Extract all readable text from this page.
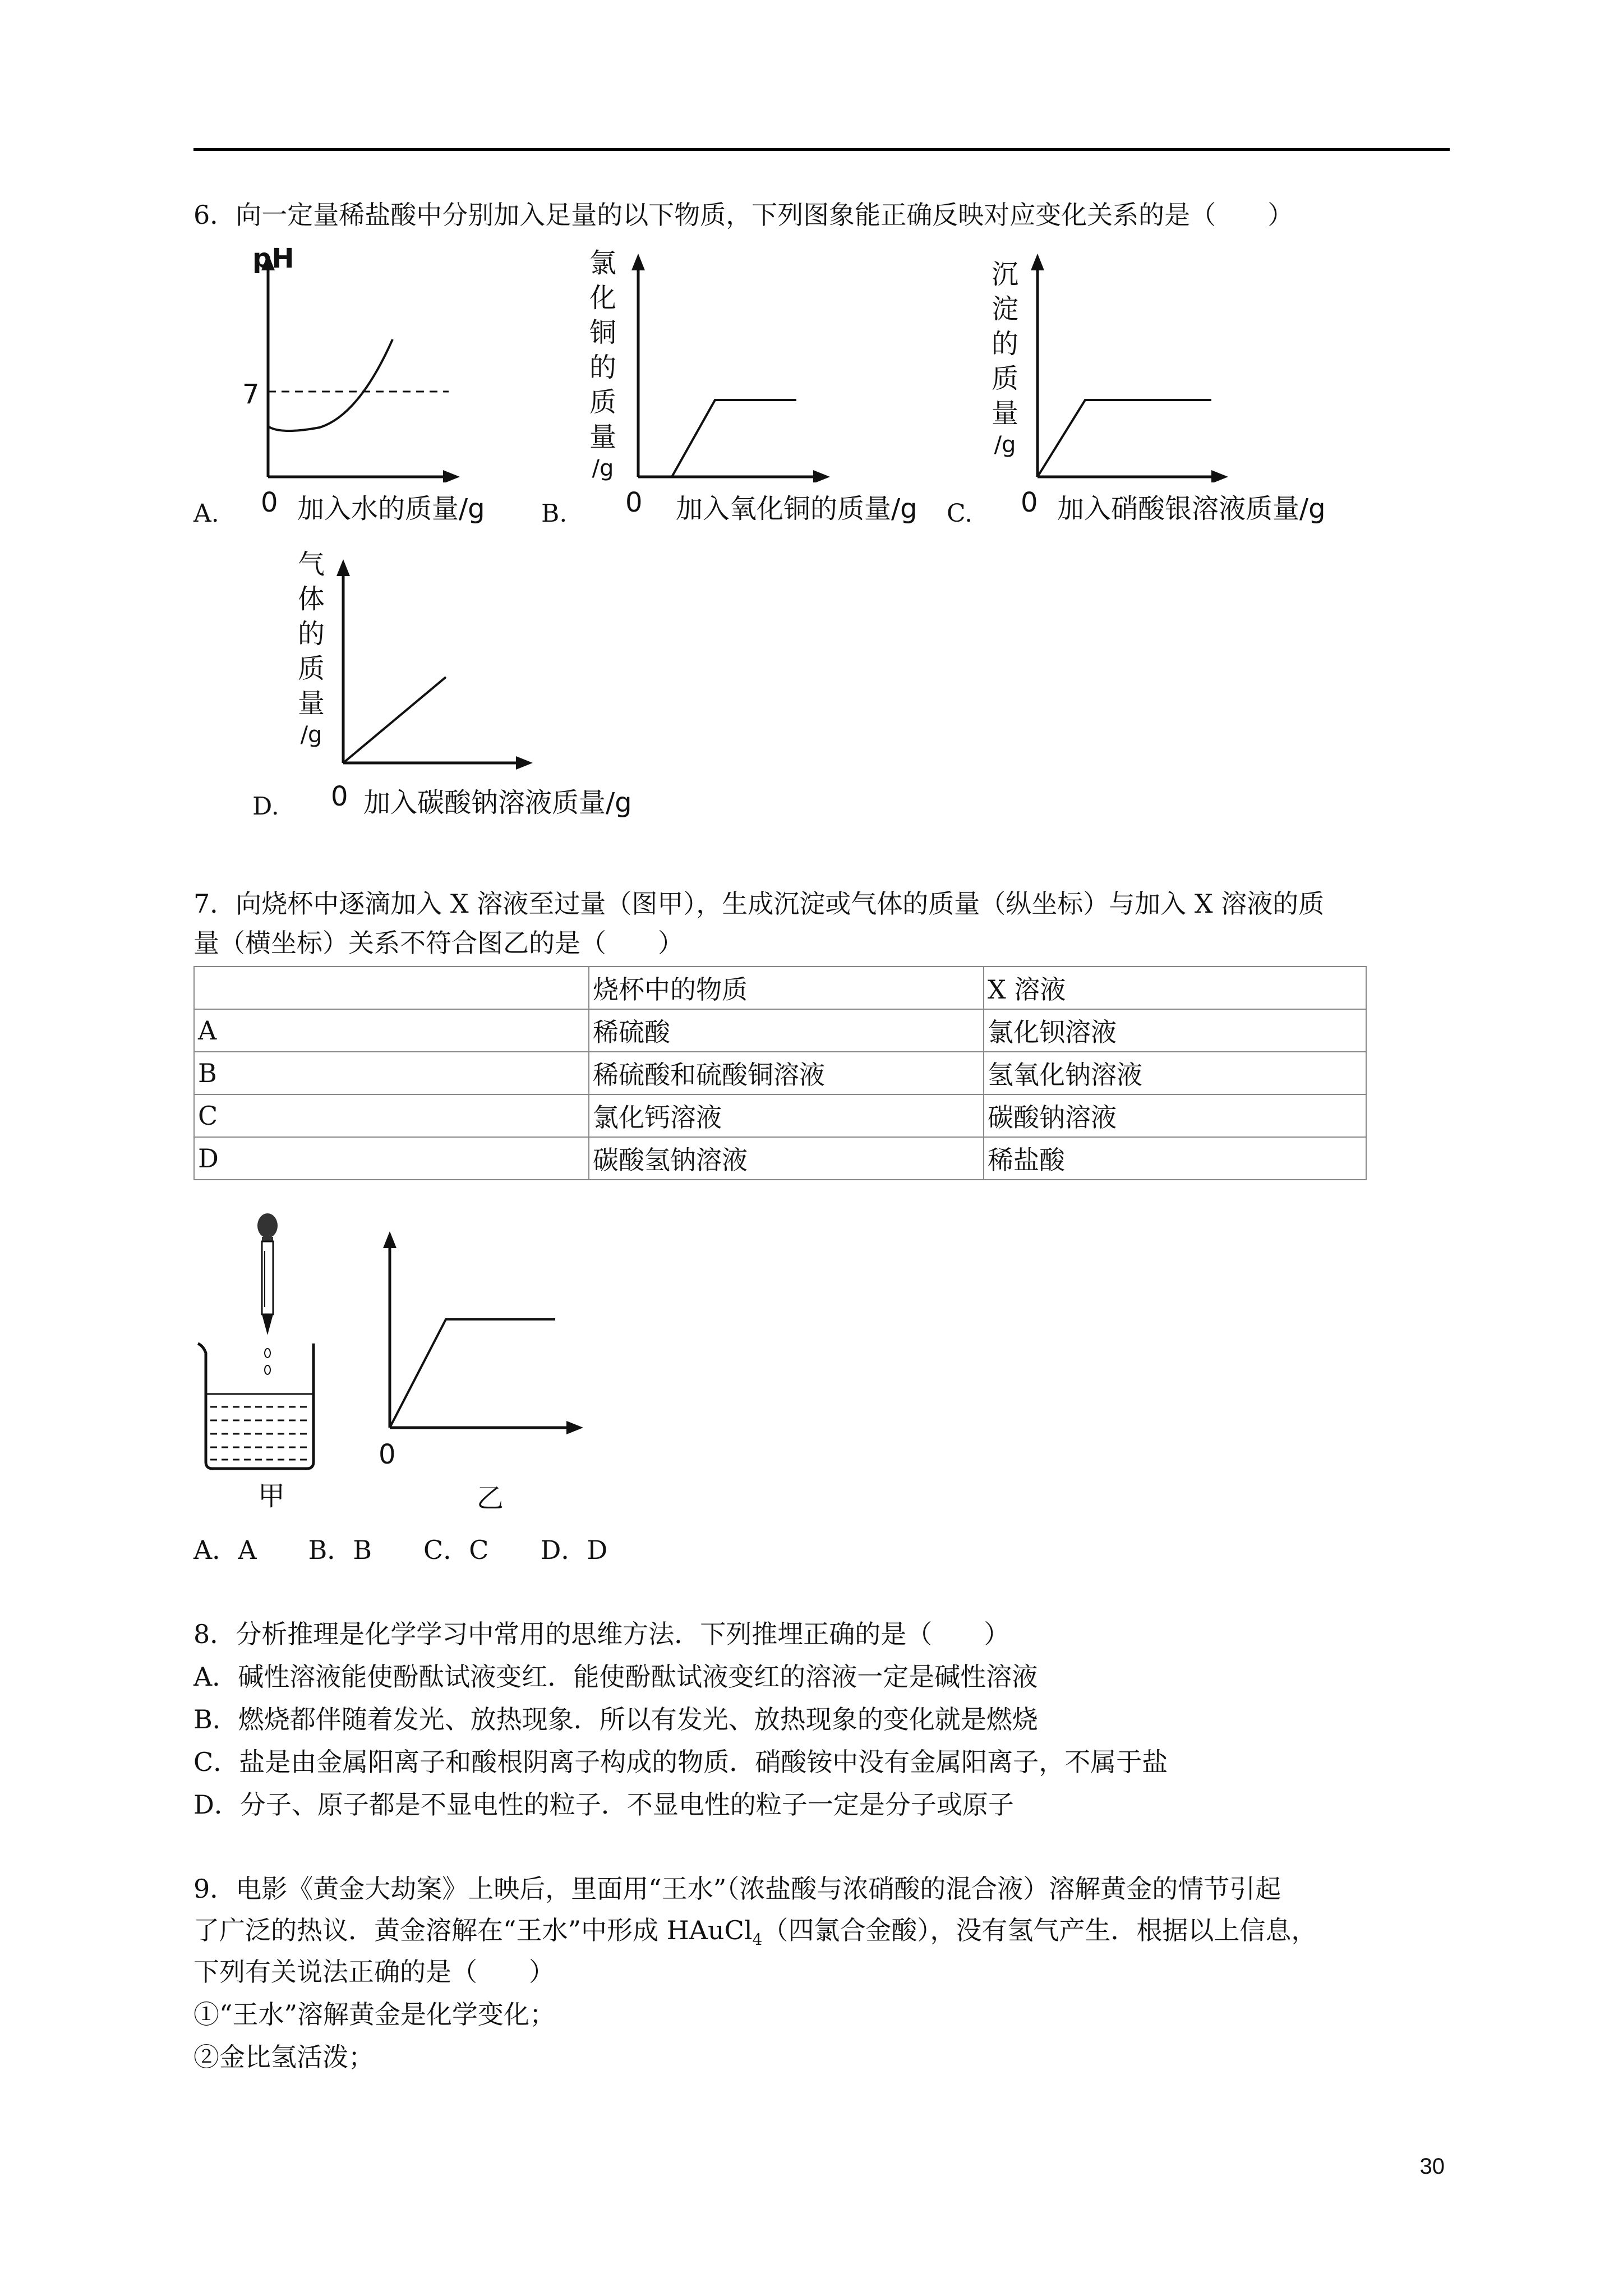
6．向一定量稀盐酸中分别加入足量的以下物质，下列图象能正确反映对应变化关系的是（　　）
pH
7
0 加入水的质量/g
A.
氯
化
铜
的
质
量
/g
0 加入氧化铜的质量/g
B.	C.
沉
淀
的
质
量
/g
0 加入硝酸银溶液质量/g
气
体
的
质
量
/g
0 加入碳酸钠溶液质量/g
D.
7．向烧杯中逐滴加入 X 溶液至过量（图甲），生成沉淀或气体的质量（纵坐标）与加入 X 溶液的质
量（横坐标）关系不符合图乙的是（　　）
	烧杯中的物质	X 溶液
A	稀硫酸	氯化钡溶液
B	稀硫酸和硫酸铜溶液	氢氧化钠溶液
C	氯化钙溶液	碳酸钠溶液
D	碳酸氢钠溶液	稀盐酸
甲
0
乙
A．A　　B．B　　C．C　　D．D
8．分析推理是化学学习中常用的思维方法．下列推埋正确的是（　　）
A．碱性溶液能使酚酞试液变红．能使酚酞试液变红的溶液一定是碱性溶液
B．燃烧都伴随着发光、放热现象．所以有发光、放热现象的变化就是燃烧
C．盐是由金属阳离子和酸根阴离子构成的物质．硝酸铵中没有金属阳离子，不属于盐
D．分子、原子都是不显电性的粒子．不显电性的粒子一定是分子或原子
9．电影《黄金大劫案》上映后，里面用“王水”（浓盐酸与浓硝酸的混合液）溶解黄金的情节引起
了广泛的热议．黄金溶解在“王水”中形成 HAuCl$_4$（四氯合金酸），没有氢气产生．根据以上信息，
下列有关说法正确的是（　　）
①“王水”溶解黄金是化学变化；
②金比氢活泼；
30
